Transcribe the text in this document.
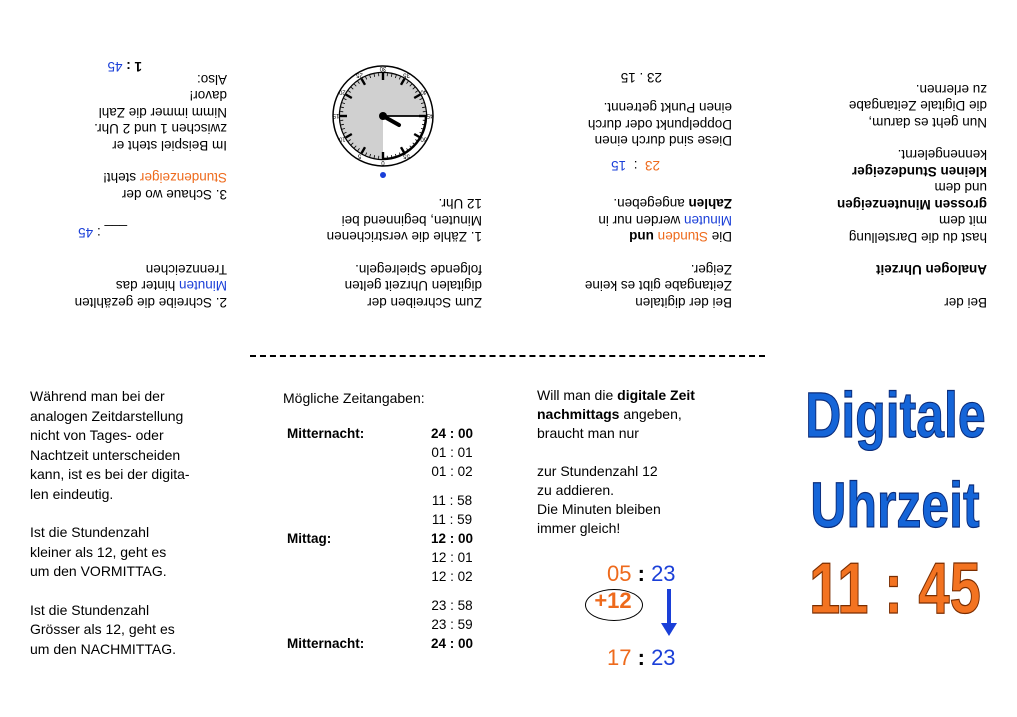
Bei der
Analogen Uhrzeit
hast du die Darstellung
mit dem
grossen Minutenzeigen
und dem
kleinen Stundezeiger
kennengelernt.
Nun geht es darum,
die Digitale Zeitangabe
zu erlernen.
Bei der digitalen
Zeitangabe gibt es keine
Zeiger.
Die Stunden und
Minuten werden nur in
Zahlen angegeben.
23  :  15
Diese sind durch einen
Doppelpunkt oder durch
einen Punkt getrennt.
23 . 15
Zum Schreiben der
digitalen Uhrzeit gelten
folgende Spielregeln.
1. Zähle die verstrichenen
Minuten, beginnend bei
12 Uhr.
0
5
10
15
20
25
30
35
40
45
50
55
2. Schreibe die gezählten
Minuten hinter das
Trennzeichen
___ : 45
3. Schaue wo der
Stundenzeiger steht!
Im Beispiel steht er
zwischen 1 und 2 Uhr.
Nimm immer die Zahl
davor!
Also:
1 : 45
Während man bei der
analogen Zeitdarstellung
nicht von Tages- oder
Nachtzeit unterscheiden
kann, ist es bei der digita-
len eindeutig.
Ist die Stundenzahl
kleiner als 12, geht es
um den VORMITTAG.
Ist die Stundenzahl
Grösser als 12, geht es
um den NACHMITTAG.
Mögliche Zeitangaben:
Mitternacht:	24 : 00
	01 : 01
	01 : 02

	11 : 58
	11 : 59
Mittag:	12 : 00
	12 : 01
	12 : 02

	23 : 58
	23 : 59
Mitternacht:	24 : 00
Will man die digitale Zeit
nachmittags angeben,
braucht man nur
zur Stundenzahl 12
zu addieren.
Die Minuten bleiben
immer gleich!
05 : 23
+12
17 : 23
Digitale
Uhrzeit
11 : 45
